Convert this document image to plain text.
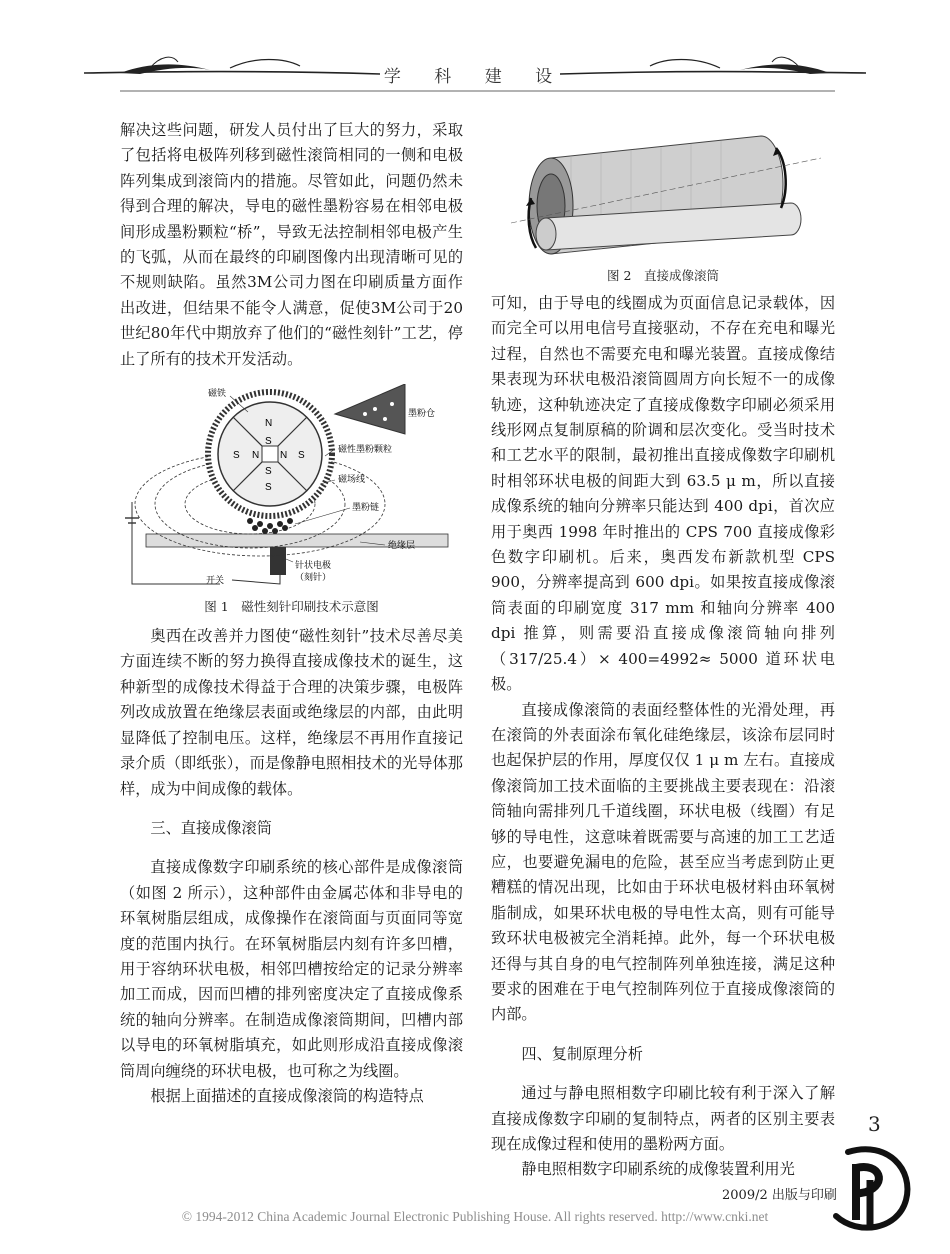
学 科 建 设

解决这些问题，研发人员付出了巨大的努力，采取了包括将电极阵列移到磁性滚筒相同的一侧和电极阵列集成到滚筒内的措施。尽管如此，问题仍然未得到合理的解决，导电的磁性墨粉容易在相邻电极间形成墨粉颗粒“桥”，导致无法控制相邻电极产生的飞弧，从而在最终的印刷图像内出现清晰可见的不规则缺陷。虽然3M公司力图在印刷质量方面作出改进，但结果不能令人满意，促使3M公司于20世纪80年代中期放弃了他们的“磁性刻针”工艺，停止了所有的技术开发活动。

N
S
S	S
S
N N
S
磁铁
墨粉仓
磁性墨粉颗粒
磁场线
墨粉链
绝缘层
开关
针状电极
（刻针）
图 1　磁性刻针印刷技术示意图

奥西在改善并力图使“磁性刻针”技术尽善尽美方面连续不断的努力换得直接成像技术的诞生，这种新型的成像技术得益于合理的决策步骤，电极阵列改成放置在绝缘层表面或绝缘层的内部，由此明显降低了控制电压。这样，绝缘层不再用作直接记录介质（即纸张），而是像静电照相技术的光导体那样，成为中间成像的载体。

三、直接成像滚筒

直接成像数字印刷系统的核心部件是成像滚筒（如图 2 所示），这种部件由金属芯体和非导电的环氧树脂层组成，成像操作在滚筒面与页面同等宽度的范围内执行。在环氧树脂层内刻有许多凹槽，用于容纳环状电极，相邻凹槽按给定的记录分辨率加工而成，因而凹槽的排列密度决定了直接成像系统的轴向分辨率。在制造成像滚筒期间，凹槽内部以导电的环氧树脂填充，如此则形成沿直接成像滚筒周向缠绕的环状电极，也可称之为线圈。

根据上面描述的直接成像滚筒的构造特点

图 2　直接成像滚筒

可知，由于导电的线圈成为页面信息记录载体，因而完全可以用电信号直接驱动，不存在充电和曝光过程，自然也不需要充电和曝光装置。直接成像结果表现为环状电极沿滚筒圆周方向长短不一的成像轨迹，这种轨迹决定了直接成像数字印刷必须采用线形网点复制原稿的阶调和层次变化。受当时技术和工艺水平的限制，最初推出直接成像数字印刷机时相邻环状电极的间距大到 63.5 μ m，所以直接成像系统的轴向分辨率只能达到 400 dpi，首次应用于奥西 1998 年时推出的 CPS 700 直接成像彩色数字印刷机。后来，奥西发布新款机型 CPS 900，分辨率提高到 600 dpi。如果按直接成像滚筒表面的印刷宽度 317 mm 和轴向分辨率 400 dpi 推算，则需要沿直接成像滚筒轴向排列（317/25.4）× 400=4992≈ 5000 道环状电极。

直接成像滚筒的表面经整体性的光滑处理，再在滚筒的外表面涂布氧化硅绝缘层，该涂布层同时也起保护层的作用，厚度仅仅 1 μ m 左右。直接成像滚筒加工技术面临的主要挑战主要表现在：沿滚筒轴向需排列几千道线圈，环状电极（线圈）有足够的导电性，这意味着既需要与高速的加工工艺适应，也要避免漏电的危险，甚至应当考虑到防止更糟糕的情况出现，比如由于环状电极材料由环氧树脂制成，如果环状电极的导电性太高，则有可能导致环状电极被完全消耗掉。此外，每一个环状电极还得与其自身的电气控制阵列单独连接，满足这种要求的困难在于电气控制阵列位于直接成像滚筒的内部。

四、复制原理分析

通过与静电照相数字印刷比较有利于深入了解直接成像数字印刷的复制特点，两者的区别主要表现在成像过程和使用的墨粉两方面。

静电照相数字印刷系统的成像装置利用光

3
2009/2 出版与印刷
© 1994-2012 China Academic Journal Electronic Publishing House. All rights reserved. http://www.cnki.net
